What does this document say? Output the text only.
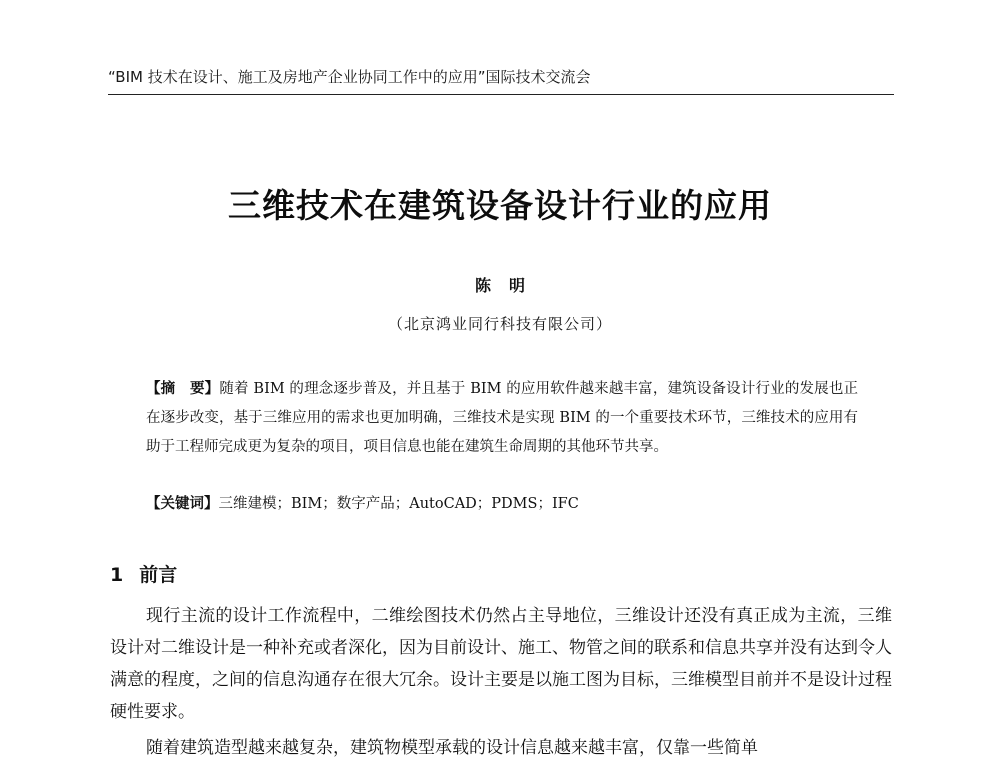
“BIM 技术在设计、施工及房地产企业协同工作中的应用”国际技术交流会
三维技术在建筑设备设计行业的应用
陈明
（北京鸿业同行科技有限公司）
【摘　要】随着 BIM 的理念逐步普及，并且基于 BIM 的应用软件越来越丰富，建筑设备设计行业的发展也正在逐步改变，基于三维应用的需求也更加明确，三维技术是实现 BIM 的一个重要技术环节，三维技术的应用有助于工程师完成更为复杂的项目，项目信息也能在建筑生命周期的其他环节共享。
【关键词】三维建模；BIM；数字产品；AutoCAD；PDMS；IFC
1 前言

现行主流的设计工作流程中，二维绘图技术仍然占主导地位，三维设计还没有真正成为主流，三维设计对二维设计是一种补充或者深化，因为目前设计、施工、物管之间的联系和信息共享并没有达到令人满意的程度，之间的信息沟通存在很大冗余。设计主要是以施工图为目标，三维模型目前并不是设计过程硬性要求。

随着建筑造型越来越复杂，建筑物模型承载的设计信息越来越丰富，仅靠一些简单
